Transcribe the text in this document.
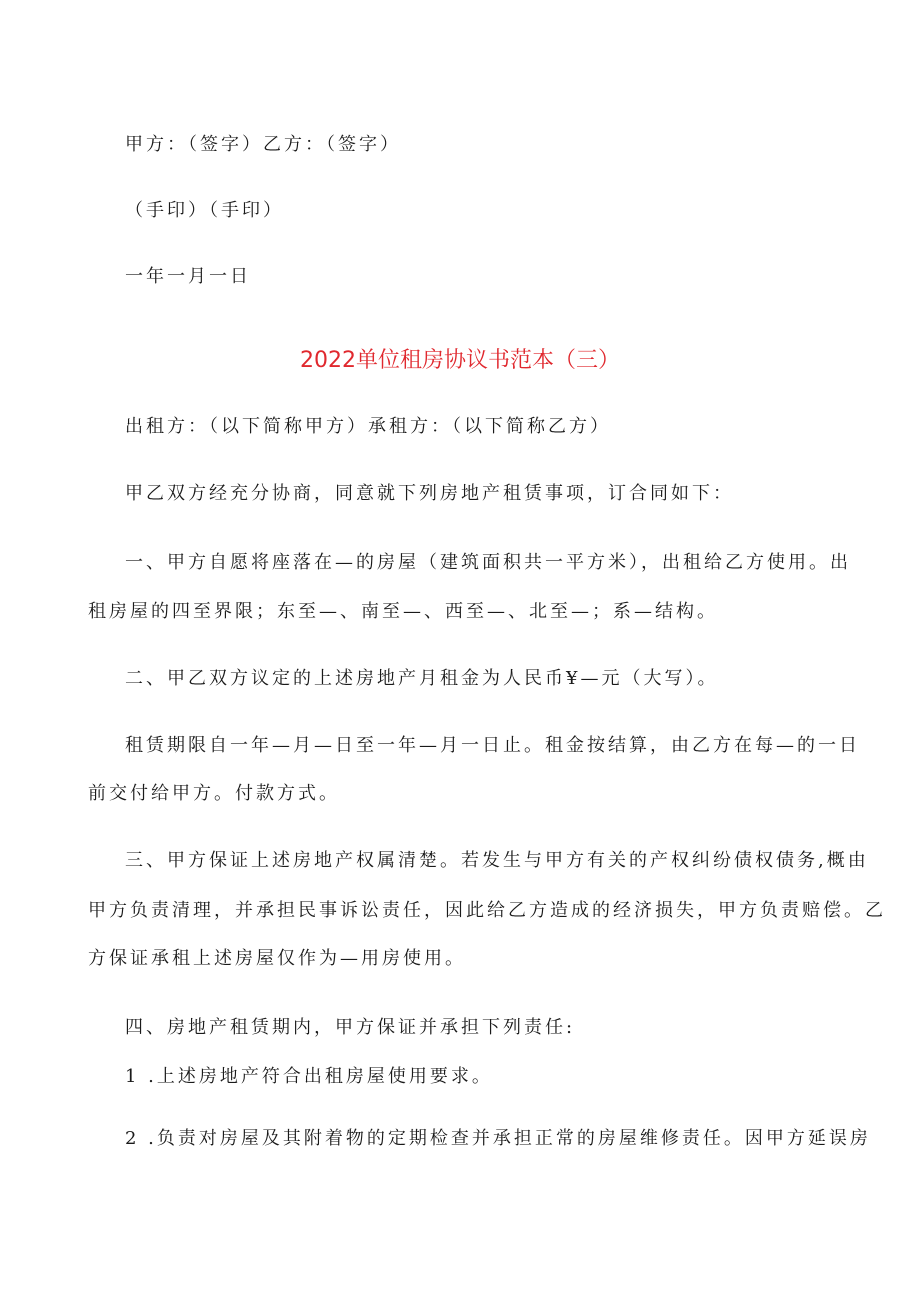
甲方：（签字）乙方：（签字）
（手印）（手印）
一年一月一日
2022单位租房协议书范本（三）
出租方：（以下简称甲方）承租方：（以下简称乙方）
甲乙双方经充分协商，同意就下列房地产租赁事项，订合同如下：
一、甲方自愿将座落在—的房屋（建筑面积共一平方米），出租给乙方使用。出
租房屋的四至界限；东至—、南至—、西至—、北至—；系—结构。
二、甲乙双方议定的上述房地产月租金为人民币¥—元（大写）。
租赁期限自一年—月—日至一年—月一日止。租金按结算，由乙方在每—的一日
前交付给甲方。付款方式。
三、甲方保证上述房地产权属清楚。若发生与甲方有关的产权纠纷债权债务,概由
甲方负责清理，并承担民事诉讼责任，因此给乙方造成的经济损失，甲方负责赔偿。乙
方保证承租上述房屋仅作为—用房使用。
四、房地产租赁期内，甲方保证并承担下列责任:
1 .上述房地产符合出租房屋使用要求。
2 .负责对房屋及其附着物的定期检查并承担正常的房屋维修责任。因甲方延误房
